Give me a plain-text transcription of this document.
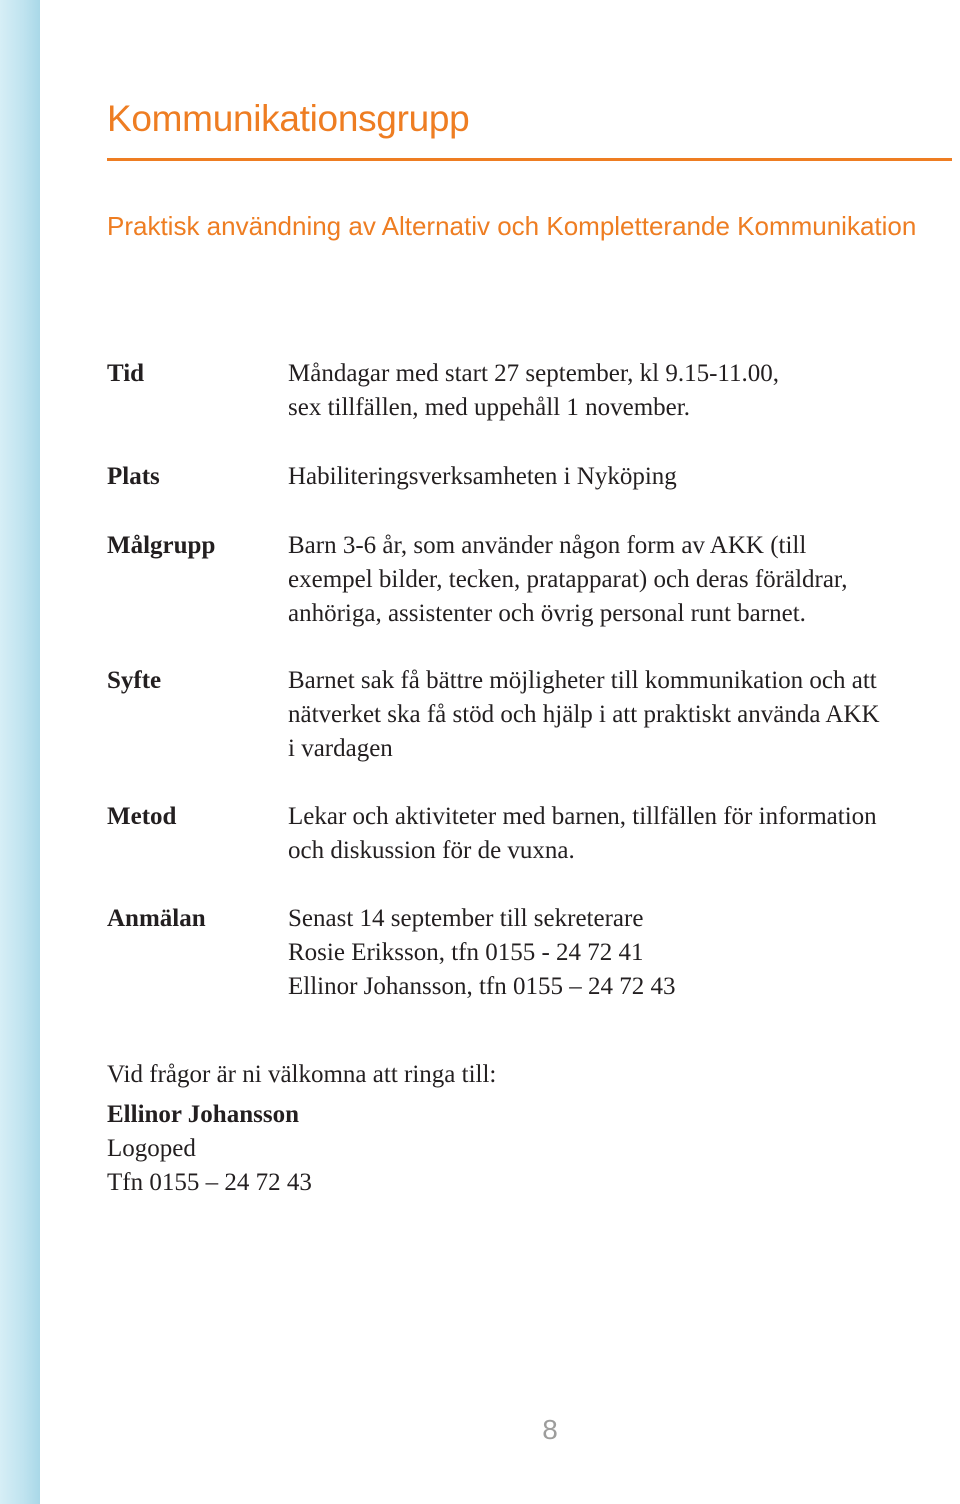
Kommunikationsgrupp
Praktisk användning av Alternativ och Kompletterande Kommunikation
Tid	Måndagar med start 27 september, kl 9.15-11.00,
sex tillfällen, med uppehåll 1 november.
Plats	Habiliteringsverksamheten i Nyköping
Målgrupp	Barn 3-6 år, som använder någon form av AKK (till
exempel bilder, tecken, pratapparat) och deras föräldrar,
anhöriga, assistenter och övrig personal runt barnet.
Syfte	Barnet sak få bättre möjligheter till kommunikation och att
nätverket ska få stöd och hjälp i att praktiskt använda AKK
i vardagen
Metod	Lekar och aktiviteter med barnen, tillfällen för information
och diskussion för de vuxna.
Anmälan	Senast 14 september till sekreterare
Rosie Eriksson, tfn 0155 - 24 72 41
Ellinor Johansson, tfn 0155 – 24 72 43
Vid frågor är ni välkomna att ringa till:
Ellinor Johansson
Logoped
Tfn 0155 – 24 72 43
8
